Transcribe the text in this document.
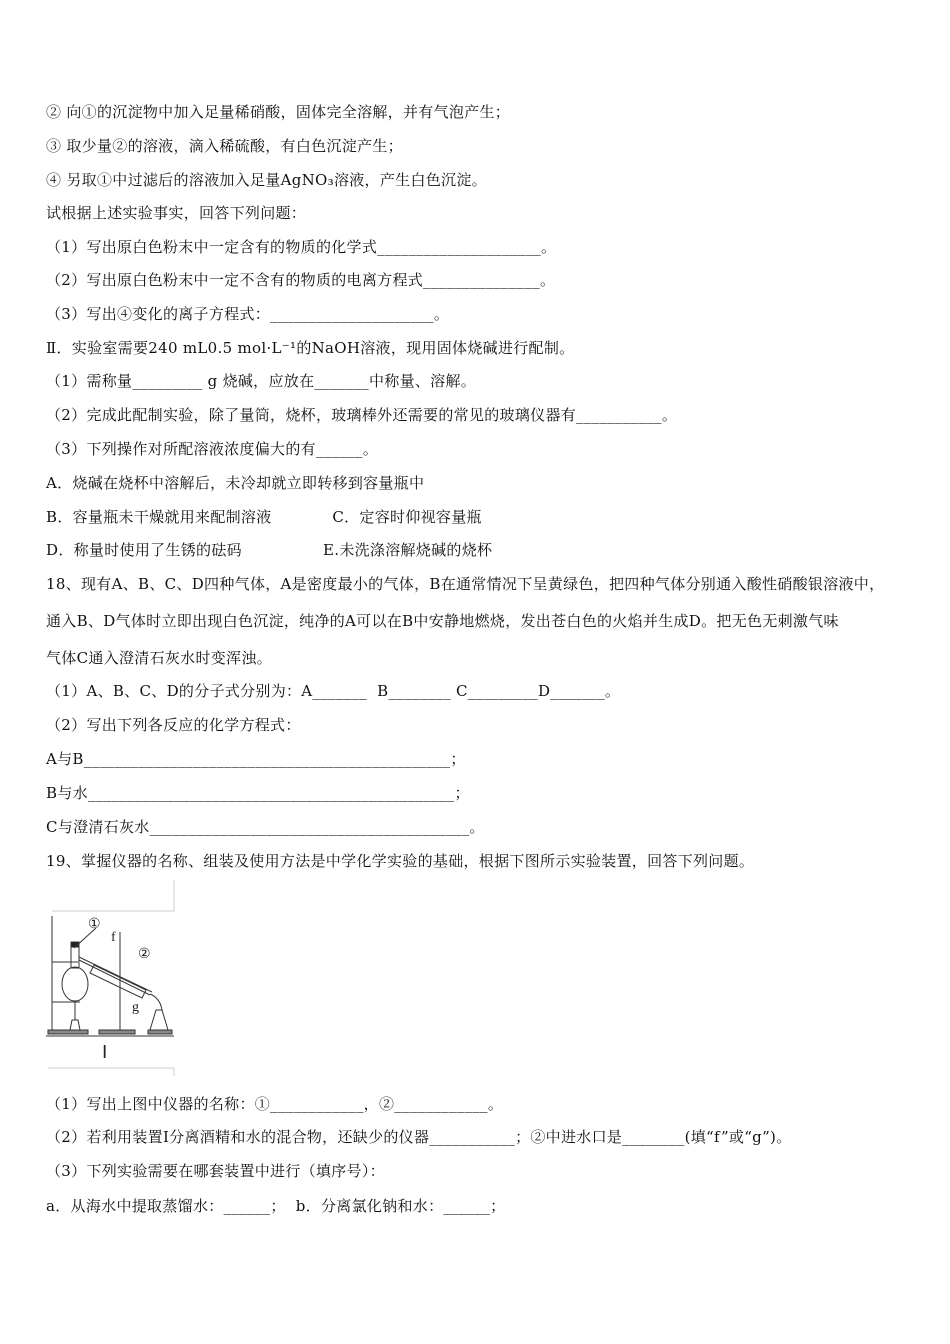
② 向①的沉淀物中加入足量稀硝酸，固体完全溶解，并有气泡产生；
③ 取少量②的溶液，滴入稀硫酸，有白色沉淀产生；
④ 另取①中过滤后的溶液加入足量AgNO₃溶液，产生白色沉淀。
试根据上述实验事实，回答下列问题：
（1）写出原白色粉末中一定含有的物质的化学式_____________________。
（2）写出原白色粉末中一定不含有的物质的电离方程式_______________。
（3）写出④变化的离子方程式：_____________________。
Ⅱ．实验室需要240 mL0.5 mol·L⁻¹的NaOH溶液，现用固体烧碱进行配制。
（1）需称量_________ g 烧碱，应放在_______中称量、溶解。
（2）完成此配制实验，除了量筒，烧杯，玻璃棒外还需要的常见的玻璃仪器有___________。
（3）下列操作对所配溶液浓度偏大的有______。
A．烧碱在烧杯中溶解后，未冷却就立即转移到容量瓶中
B．容量瓶未干燥就用来配制溶液            C．定容时仰视容量瓶
D．称量时使用了生锈的砝码                E.未洗涤溶解烧碱的烧杯
18、现有A、B、C、D四种气体，A是密度最小的气体，B在通常情况下呈黄绿色，把四种气体分别通入酸性硝酸银溶液中，
通入B、D气体时立即出现白色沉淀，纯净的A可以在B中安静地燃烧，发出苍白色的火焰并生成D。把无色无刺激气味
气体C通入澄清石灰水时变浑浊。
（1）A、B、C、D的分子式分别为：A_______  B________ C_________D_______。
（2）写出下列各反应的化学方程式：
A与B_______________________________________________；
B与水_______________________________________________；
C与澄清石灰水_________________________________________。
19、掌握仪器的名称、组装及使用方法是中学化学实验的基础，根据下图所示实验装置，回答下列问题。
①
f
②
g
Ⅰ
（1）写出上图中仪器的名称：①____________，②____________。
（2）若利用装置Ⅰ分离酒精和水的混合物，还缺少的仪器___________；②中进水口是________(填“f”或“g”)。
（3）下列实验需要在哪套装置中进行（填序号）：
a．从海水中提取蒸馏水：______；  b．分离氯化钠和水：______；
